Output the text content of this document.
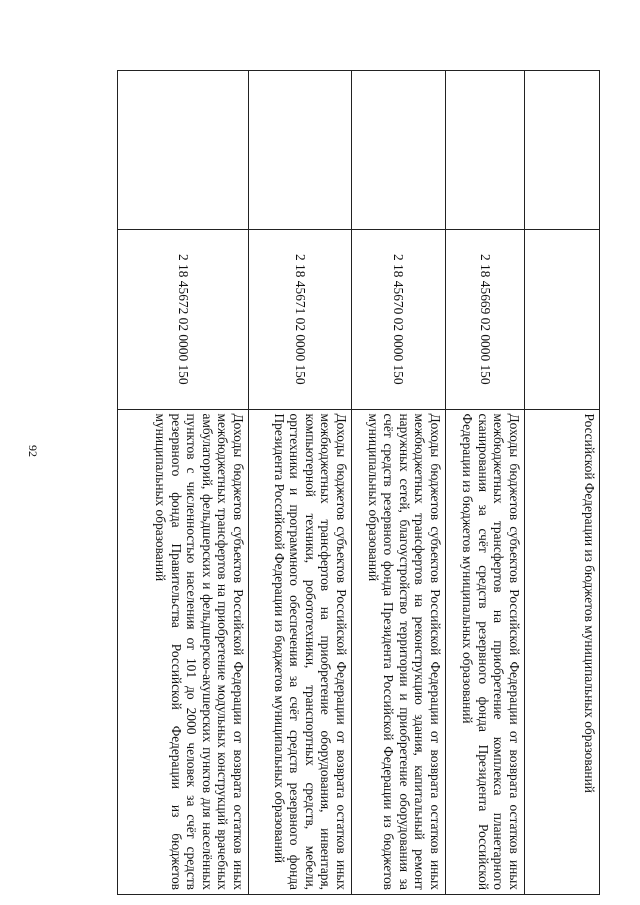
92
			Российской Федерации из бюджетов муниципальных образований
	2 18 45669 02 0000 150	Доходы бюджетов субъектов Российской Федерации от возврата остатков иных межбюджетных трансфертов на приобретение комплекса планетарного сканирования за счёт средств резервного фонда Президента Российской Федерации из бюджетов муниципальных образований
	2 18 45670 02 0000 150	Доходы бюджетов субъектов Российской Федерации от возврата остатков иных межбюджетных трансфертов на реконструкцию здания, капитальный ремонт наружных сетей, благоустройство территории и приобретение оборудования за счёт средств резервного фонда Президента Российской Федерации из бюджетов муниципальных образований
	2 18 45671 02 0000 150	Доходы бюджетов субъектов Российской Федерации от возврата остатков иных межбюджетных трансфертов на приобретение оборудования, инвентаря, компьютерной техники, робототехники, транспортных средств, мебели, оргтехники и программного обеспечения за счёт средств резервного фонда Президента Российской Федерации из бюджетов муниципальных образований
	2 18 45672 02 0000 150	Доходы бюджетов субъектов Российской Федерации от возврата остатков иных межбюджетных трансфертов на приобретение модульных конструкций врачебных амбулаторий, фельдшерских и фельдшерско-акушерских пунктов для населённых пунктов с численностью населения от 101 до 2000 человек за счёт средств резервного фонда Правительства Российской Федерации из бюджетов муниципальных образований
